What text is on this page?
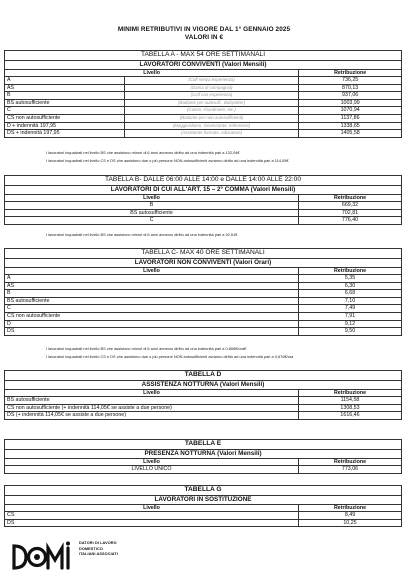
MINIMI RETRIBUTIVI IN VIGORE DAL 1° GENNAIO 2025
VALORI IN €
TABELLA A - MAX 54 ORE SETTIMANALI		
LAVORATORI CONVIVENTI (Valori Mensili)		
Livello		Retribuzione
A	(Colf senza esperienza)	736,25
AS	(Dama di compagnia)	870,13
B	(Colf con esperienza)	937,06
BS autosufficiente	(Badante per autosuff., Babysitter)	1003,99
C	(Cuoco, Giardiniere, etc.)	1070,94
CS non autosufficiente	(Badante per non autosufficienti)	1137,86
D + indennità 197,95	(Maggiordomo, Governante, Infermiere)	1338,65
DS + indennità 197,95	(Assistente formato, educatore)	1405,58
I lavoratori inquadrati nel livello BS che assistono minori di 6 anni avranno diritto ad una indennità pari a 132,04€
I lavoratori inquadrati nel livello CS e DS che assistono due o più persone NON autosufficienti avranno diritto ad una indennità pari a 114,05€
TABELLA B- DALLE 06:00 ALLE 14:00 e DALLE 14:00 ALLE 22:00	
LAVORATORI DI CUI ALL'ART. 15 – 2° COMMA (Valori Mensili)	
Livello	Retribuzione
B	669,32
BS autosufficiente	702,81
C	776,40
I lavoratori inquadrati nel livello BS che assistono minori di 6 anni avranno diritto ad una indennità pari a 92,51€
TABELLA C- MAX 40 ORE SETTIMANALI	
LAVORATORI NON CONVIVENTI (Valori Orari)	
Livello	Retribuzione
A	5,35
AS	6,30
B	6,68
BS autosufficiente	7,10
C	7,49
CS non autosufficiente	7,91
D	9,12
DS	9,50
I lavoratori inquadrati nel livello BS che assistono minori di 6 anni avranno diritto ad una indennità pari a 0,806€/ora€
I lavoratori inquadrati nel livello CS e DS che assistono due o più persone NON autosufficienti avranno diritto ad una indennità pari a 0,676€/ora
TABELLA D	
ASSISTENZA NOTTURNA (Valori Mensili)	
Livello	Retribuzione
BS autosufficiente	1154,58
CS non autosufficiente (+ indennità 114,05€ se assiste a due persone)	1308,53
DS (+ indennità 114,05€ se assiste a due persone)	1616,46
TABELLA E	
PRESENZA NOTTURNA (Valori Mensili)	
Livello	Retribuzione
LIVELLO UNICO	773,06
TABELLA G	
LAVORATORI IN SOSTITUZIONE	
Livello	Retribuzione
CS	8,49
DS	10,25
DATORI DI LAVORO
DOMESTICO
ITALIANI ASSOCIATI
